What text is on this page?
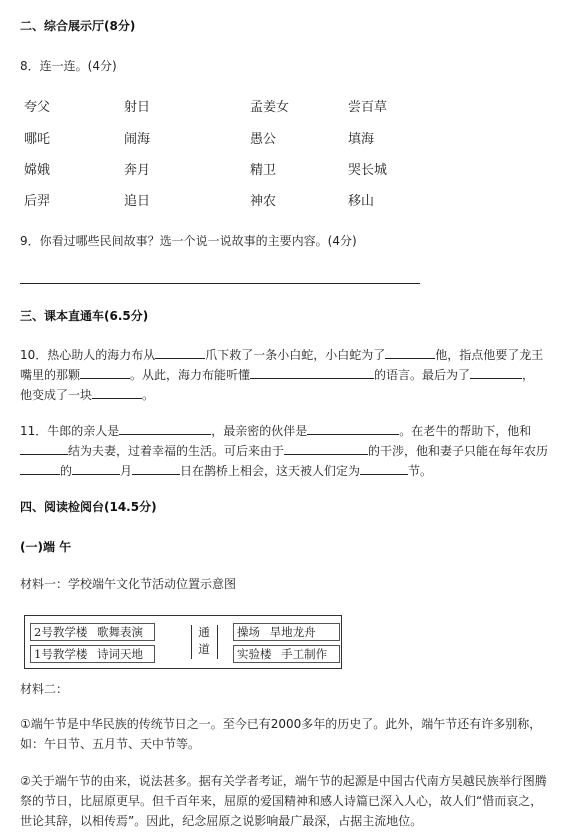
二、综合展示厅(8分)
8．连一连。(4分)
夸父	射日	孟姜女	尝百草
哪吒	闹海	愚公	填海
嫦娥	奔月	精卫	哭长城
后羿	追日	神农	移山
9．你看过哪些民间故事？选一个说一说故事的主要内容。(4分)
三、课本直通车(6.5分)
10．热心助人的海力布从	爪下救了一条小白蛇，小白蛇为了	他，指点他要了龙王
嘴里的那颗	。从此，海力布能听懂	的语言。最后为了	，
他变成了一块	。
11．牛郎的亲人是	，最亲密的伙伴是	。在老牛的帮助下，他和
结为夫妻，过着幸福的生活。可后来由于	的干涉，他和妻子只能在每年农历
的	月	日在鹊桥上相会，这天被人们定为	节。
四、阅读检阅台(14.5分)
(一)端 午
材料一：学校端午文化节活动位置示意图
2号教学楼 歌舞表演
1号教学楼 诗词天地
通道
操场 旱地龙舟
实验楼 手工制作
材料二：
①端午节是中华民族的传统节日之一。至今已有2000多年的历史了。此外，端午节还有许多别称，如：午日节、五月节、天中节等。
②关于端午节的由来，说法甚多。据有关学者考证，端午节的起源是中国古代南方吴越民族举行图腾祭的节日，比屈原更早。但千百年来，屈原的爱国精神和感人诗篇已深入人心，故人们“惜而哀之，世论其辞，以相传焉”。因此，纪念屈原之说影响最广最深，占据主流地位。
